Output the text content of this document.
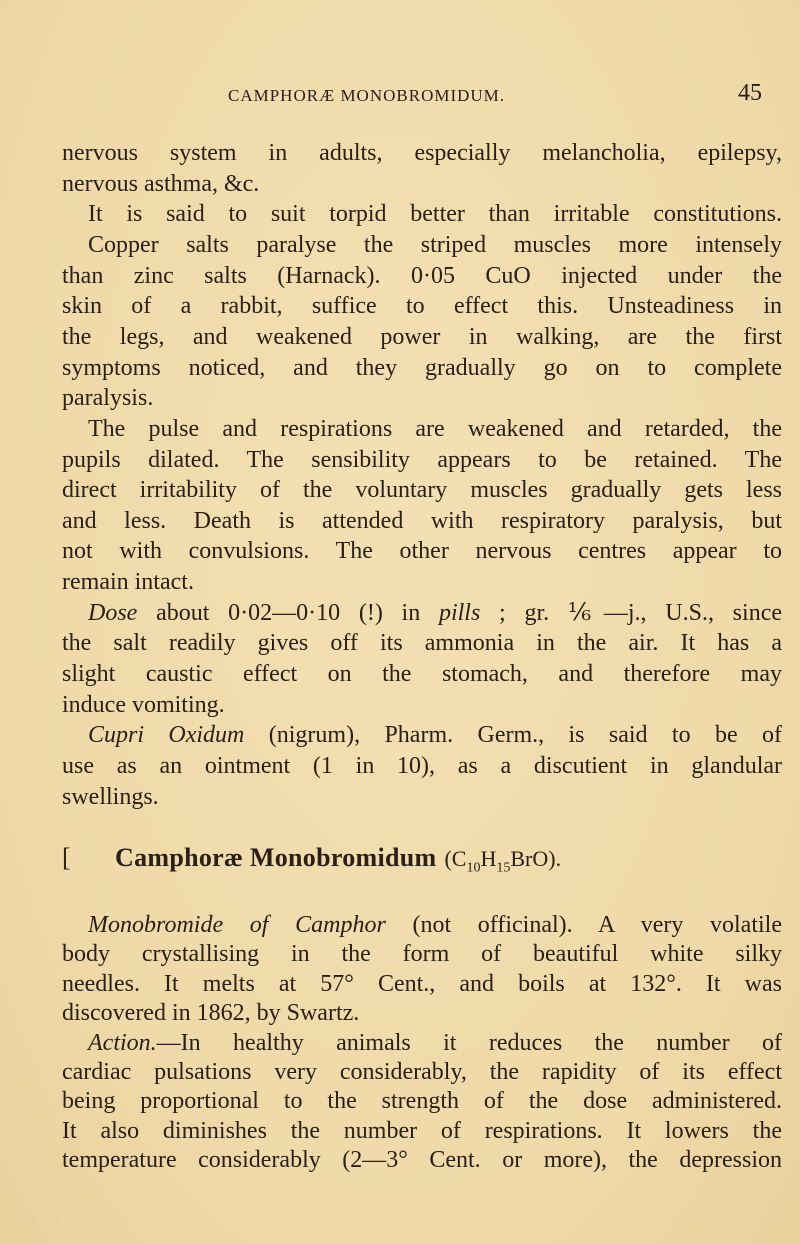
CAMPHORÆ MONOBROMIDUM.	45
nervous system in adults, especially melancholia, epilepsy,
nervous asthma, &c.
It is said to suit torpid better than irritable constitutions.
Copper salts paralyse the striped muscles more intensely
than zinc salts (Harnack). 0·05 CuO injected under the
skin of a rabbit, suffice to effect this. Unsteadiness in
the legs, and weakened power in walking, are the first
symptoms noticed, and they gradually go on to complete
paralysis.
The pulse and respirations are weakened and retarded, the
pupils dilated. The sensibility appears to be retained. The
direct irritability of the voluntary muscles gradually gets less
and less. Death is attended with respiratory paralysis, but
not with convulsions. The other nervous centres appear to
remain intact.
Dose about 0·02—0·10 (!) in pills ; gr. ⅙—j., U.S., since
the salt readily gives off its ammonia in the air. It has a
slight caustic effect on the stomach, and therefore may
induce vomiting.
Cupri Oxidum (nigrum), Pharm. Germ., is said to be of
use as an ointment (1 in 10), as a discutient in glandular
swellings.
[ Camphoræ Monobromidum $(C_{10}H_{15}BrO)$.
Monobromide of Camphor (not officinal). A very volatile
body crystallising in the form of beautiful white silky
needles. It melts at 57° Cent., and boils at 132°. It was
discovered in 1862, by Swartz.
Action.—In healthy animals it reduces the number of
cardiac pulsations very considerably, the rapidity of its effect
being proportional to the strength of the dose administered.
It also diminishes the number of respirations. It lowers the
temperature considerably (2—3° Cent. or more), the depression
